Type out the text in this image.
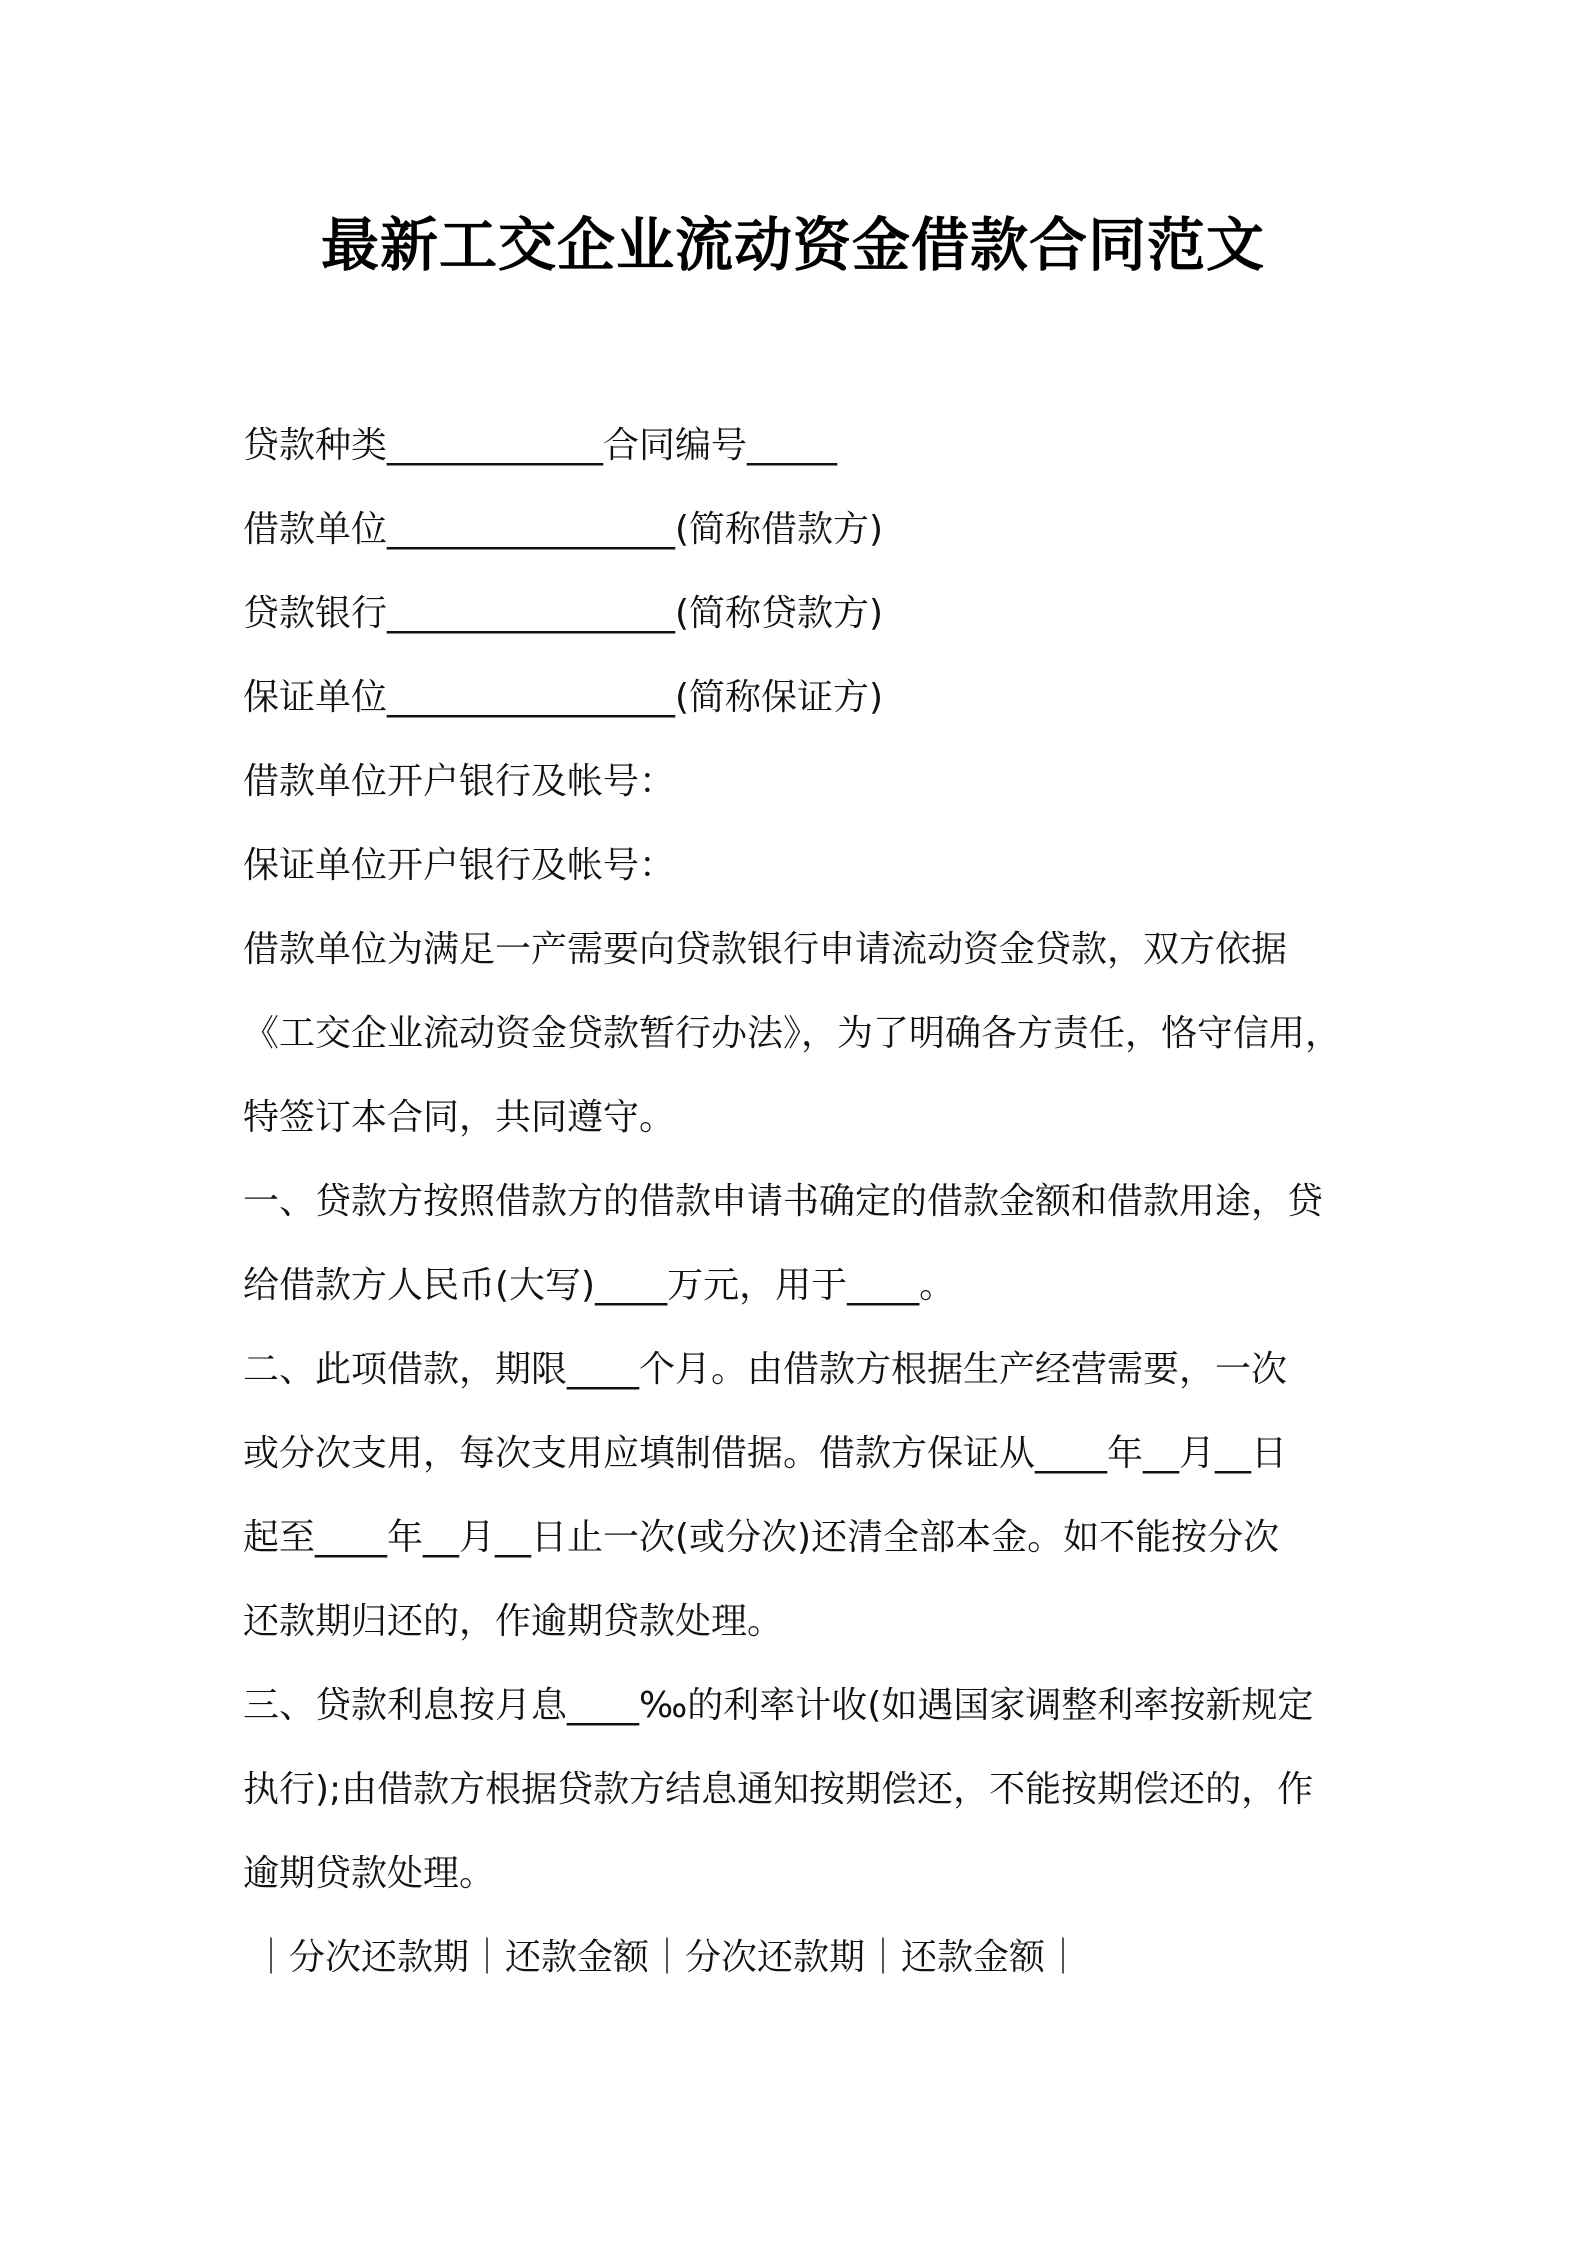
最新工交企业流动资金借款合同范文
贷款种类____________合同编号_____
借款单位________________(简称借款方)
贷款银行________________(简称贷款方)
保证单位________________(简称保证方)
借款单位开户银行及帐号：
保证单位开户银行及帐号：
借款单位为满足一产需要向贷款银行申请流动资金贷款，双方依据
《工交企业流动资金贷款暂行办法》，为了明确各方责任，恪守信用，
特签订本合同，共同遵守。
一、贷款方按照借款方的借款申请书确定的借款金额和借款用途，贷
给借款方人民币(大写)____万元，用于____。
二、此项借款，期限____个月。由借款方根据生产经营需要，一次
或分次支用，每次支用应填制借据。借款方保证从____年__月__日
起至____年__月__日止一次(或分次)还清全部本金。如不能按分次
还款期归还的，作逾期贷款处理。
三、贷款利息按月息____‰的利率计收(如遇国家调整利率按新规定
执行);由借款方根据贷款方结息通知按期偿还，不能按期偿还的，作
逾期贷款处理。
｜分次还款期｜还款金额｜分次还款期｜还款金额｜
